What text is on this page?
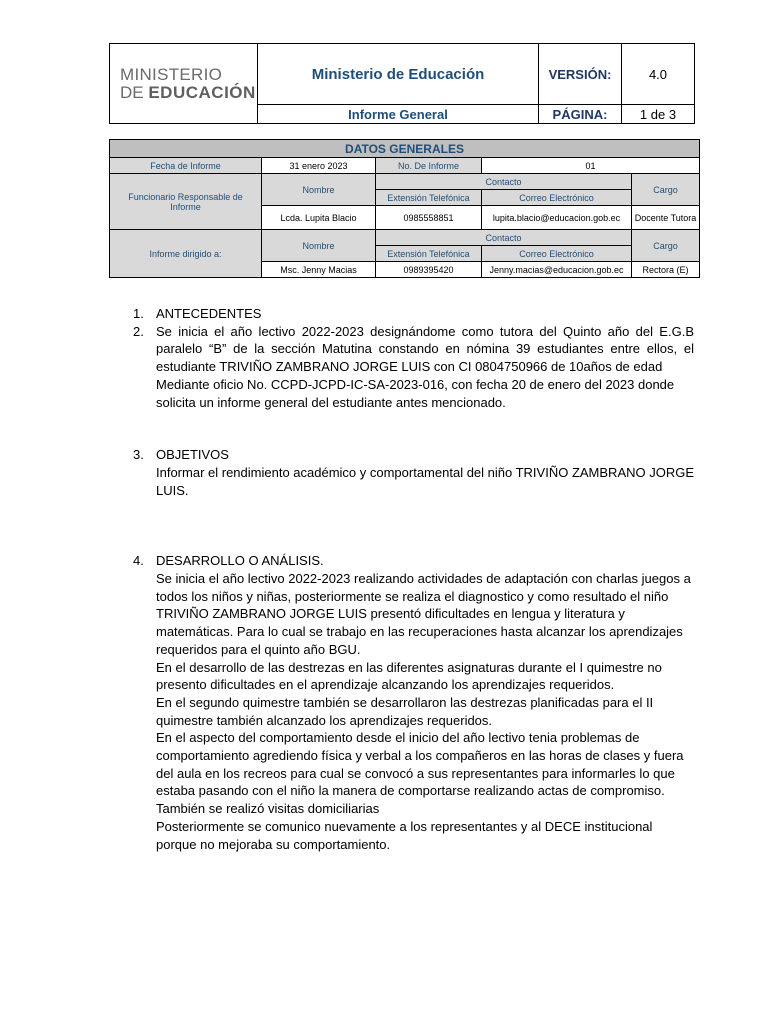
MINISTERIO
DE EDUCACIÓN	Ministerio de Educación	VERSIÓN:	4.0
	Informe General	PÁGINA:	1 de 3
DATOS GENERALES				
Fecha de Informe	31 enero 2023	No. De Informe	01	
Funcionario Responsable de Informe	Nombre	Contacto		Cargo
		Extensión Telefónica	Correo Electrónico	
	Lcda. Lupita Blacio	0985558851	lupita.blacio@educacion.gob.ec	Docente Tutora
Informe dirigido a:	Nombre	Contacto		Cargo
		Extensión Telefónica	Correo Electrónico	
	Msc. Jenny Macias	0989395420	Jenny.macias@educacion.gob.ec	Rectora (E)
1. ANTECEDENTES
2. Se inicia el año lectivo 2022-2023 designándome como tutora del Quinto año del E.G.B paralelo “B” de la sección Matutina constando en nómina 39 estudiantes entre ellos, el estudiante TRIVIÑO ZAMBRANO JORGE LUIS con CI 0804750966 de 10años de edad

Mediante oficio No. CCPD-JCPD-IC-SA-2023-016, con fecha 20 de enero del 2023 donde solicita un informe general del estudiante antes mencionado.

3. OBJETIVOS

Informar el rendimiento académico y comportamental del niño TRIVIÑO ZAMBRANO JORGE LUIS.

4. DESARROLLO O ANÁLISIS.

Se inicia el año lectivo 2022-2023 realizando actividades de adaptación con charlas juegos a todos los niños y niñas, posteriormente se realiza el diagnostico y como resultado el niño TRIVIÑO ZAMBRANO JORGE LUIS presentó dificultades en lengua y literatura y matemáticas. Para lo cual se trabajo en las recuperaciones hasta alcanzar los aprendizajes requeridos para el quinto año BGU.

En el desarrollo de las destrezas en las diferentes asignaturas durante el I quimestre no presento dificultades en el aprendizaje alcanzando los aprendizajes requeridos.

En el segundo quimestre también se desarrollaron las destrezas planificadas para el II quimestre también alcanzado los aprendizajes requeridos.

En el aspecto del comportamiento desde el inicio del año lectivo tenia problemas de comportamiento agrediendo física y verbal a los compañeros en las horas de clases y fuera del aula en los recreos para cual se convocó a sus representantes para informarles lo que estaba pasando con el niño la manera de comportarse realizando actas de compromiso.

También se realizó visitas domiciliarias

Posteriormente se comunico nuevamente a los representantes y al DECE institucional porque no mejoraba su comportamiento.
